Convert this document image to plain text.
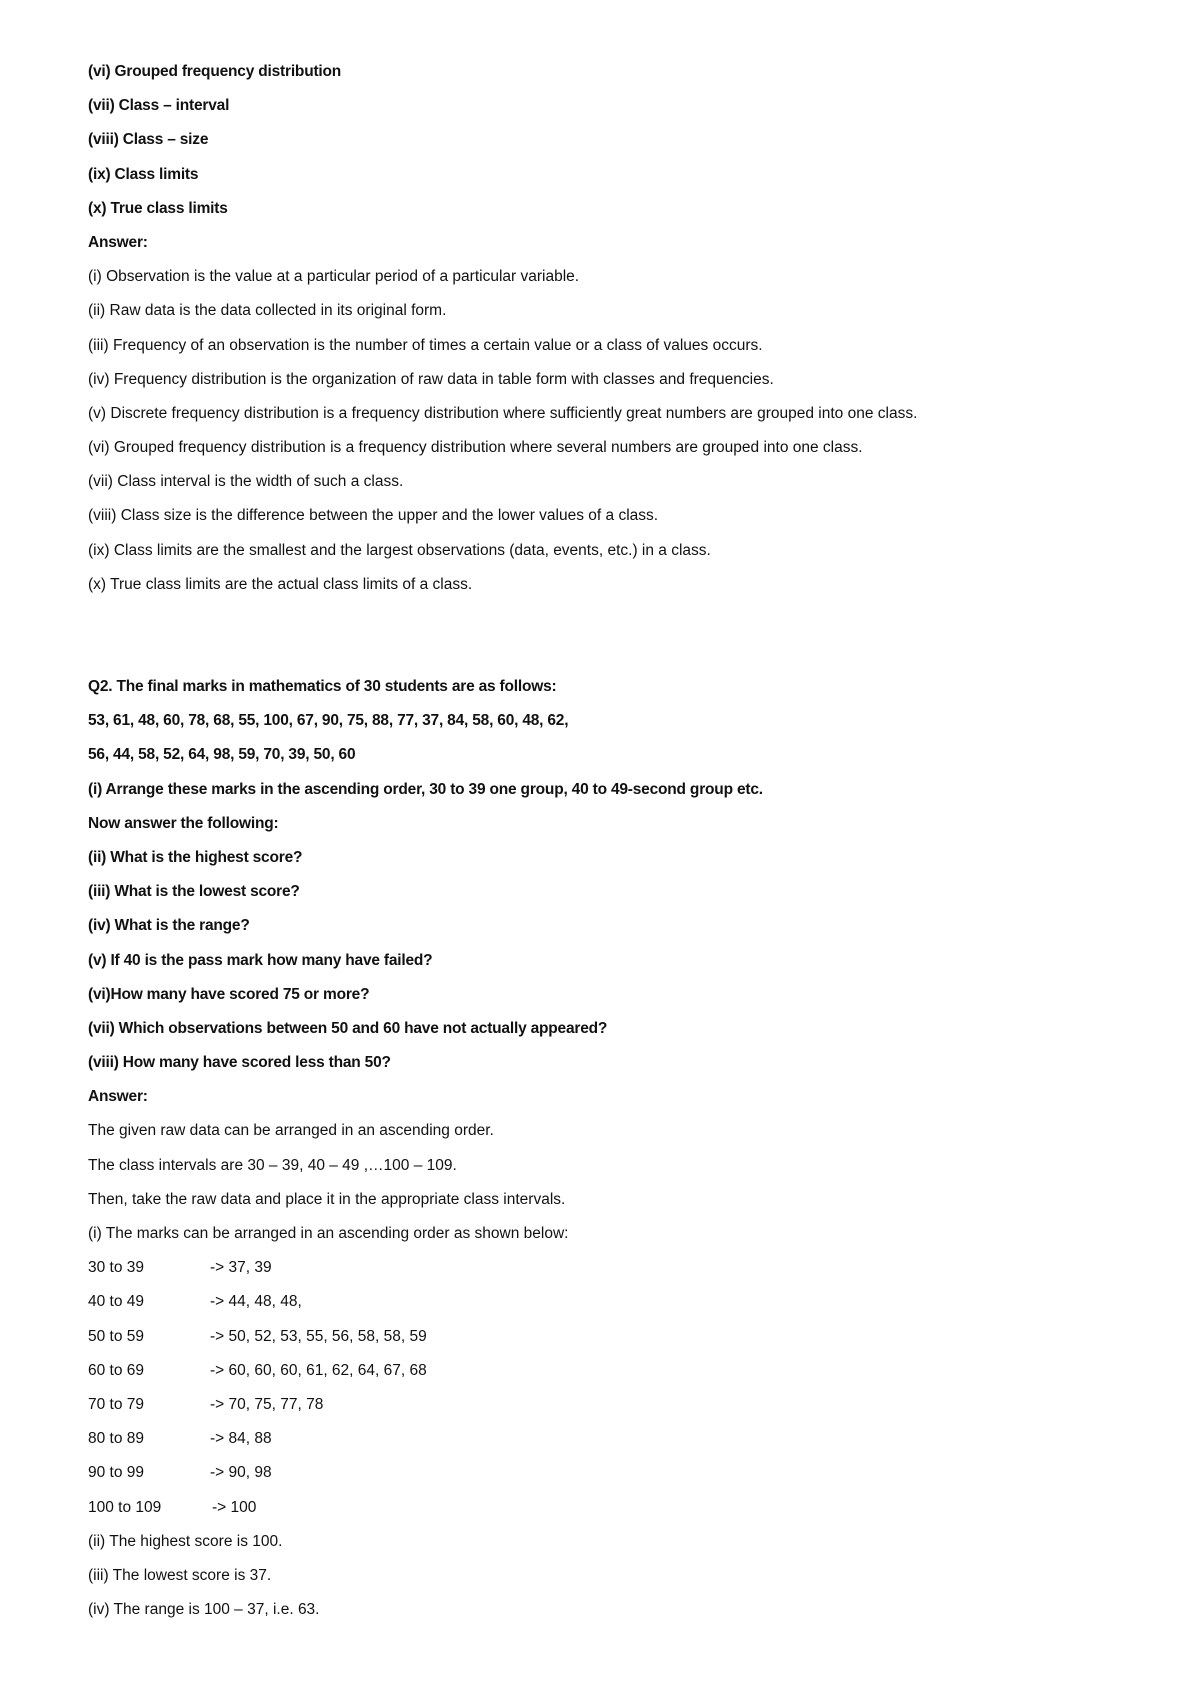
(vi) Grouped frequency distribution
(vii) Class – interval
(viii) Class – size
(ix) Class limits
(x) True class limits
Answer:
(i) Observation is the value at a particular period of a particular variable.
(ii) Raw data is the data collected in its original form.
(iii) Frequency of an observation is the number of times a certain value or a class of values occurs.
(iv) Frequency distribution is the organization of raw data in table form with classes and frequencies.
(v) Discrete frequency distribution is a frequency distribution where sufficiently great numbers are grouped into one class.
(vi) Grouped frequency distribution is a frequency distribution where several numbers are grouped into one class.
(vii) Class interval is the width of such a class.
(viii) Class size is the difference between the upper and the lower values of a class.
(ix) Class limits are the smallest and the largest observations (data, events, etc.) in a class.
(x) True class limits are the actual class limits of a class.
Q2. The final marks in mathematics of 30 students are as follows:
53, 61, 48, 60, 78, 68, 55, 100, 67, 90, 75, 88, 77, 37, 84, 58, 60, 48, 62,
56, 44, 58, 52, 64, 98, 59, 70, 39, 50, 60
(i) Arrange these marks in the ascending order, 30 to 39 one group, 40 to 49-second group etc.
Now answer the following:
(ii) What is the highest score?
(iii) What is the lowest score?
(iv) What is the range?
(v) If 40 is the pass mark how many have failed?
(vi)How many have scored 75 or more?
(vii) Which observations between 50 and 60 have not actually appeared?
(viii) How many have scored less than 50?
Answer:
The given raw data can be arranged in an ascending order.
The class intervals are 30 – 39, 40 – 49 ,…100 – 109.
Then, take the raw data and place it in the appropriate class intervals.
(i) The marks can be arranged in an ascending order as shown below:
30 to 39	-> 37, 39
40 to 49	-> 44, 48, 48,
50 to 59	-> 50, 52, 53, 55, 56, 58, 58, 59
60 to 69	-> 60, 60, 60, 61, 62, 64, 67, 68
70 to 79	-> 70, 75, 77, 78
80 to 89	-> 84, 88
90 to 99	-> 90, 98
100 to 109	-> 100
(ii) The highest score is 100.
(iii) The lowest score is 37.
(iv) The range is 100 – 37, i.e. 63.
